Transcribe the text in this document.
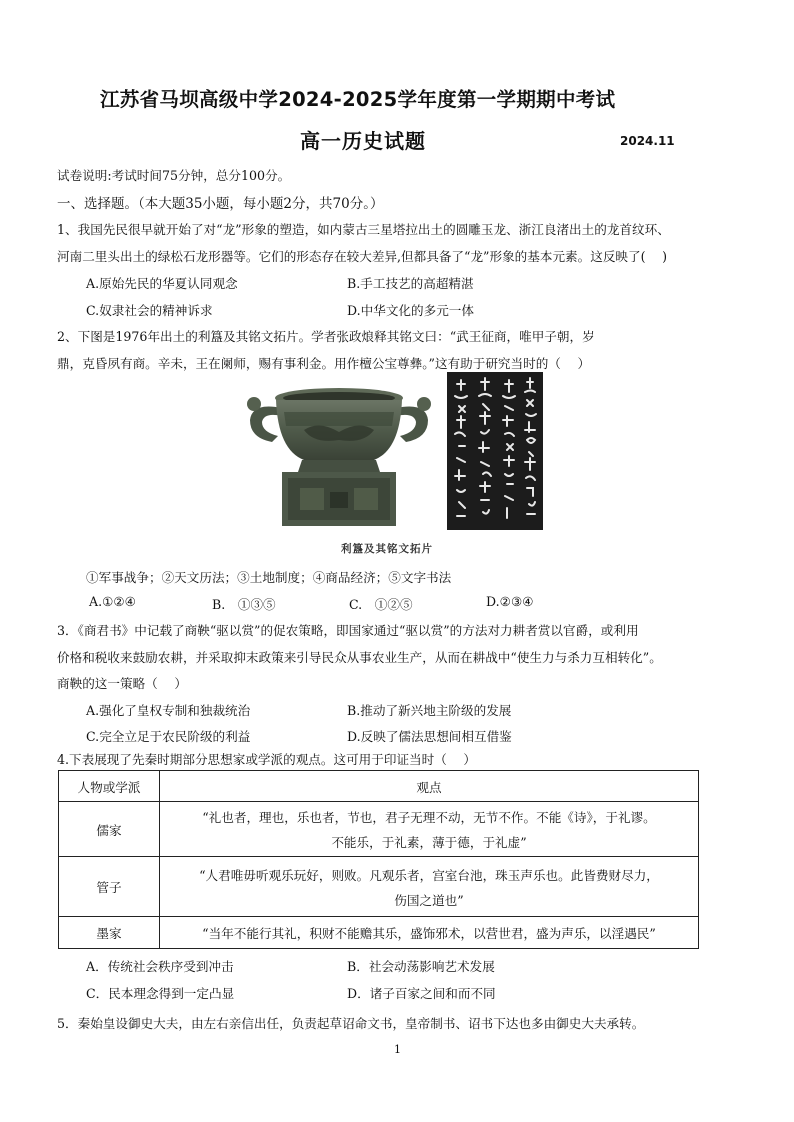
江苏省马坝高级中学2024-2025学年度第一学期期中考试
高一历史试题	2024.11
试卷说明:考试时间75分钟，总分100分。
一、选择题。（本大题35小题，每小题2分，共70分。）
1、我国先民很早就开始了对“龙”形象的塑造，如内蒙古三星塔拉出土的圆雕玉龙、浙江良渚出土的龙首纹环、
河南二里头出土的绿松石龙形器等。它们的形态存在较大差异,但都具备了“龙”形象的基本元素。这反映了(　 )
A.原始先民的华夏认同观念	B.手工技艺的高超精湛
C.奴隶社会的精神诉求	D.中华文化的多元一体
2、下图是1976年出土的利簋及其铭文拓片。学者张政烺释其铭文曰：“武王征商，唯甲子朝，岁
鼎，克昏夙有商。辛未，王在阑师，赐有事利金。用作檀公宝尊彝。”这有助于研究当时的（　 ）
利簋及其铭文拓片
①军事战争；②天文历法；③土地制度；④商品经济；⑤文字书法
A.①②④	B.　①③⑤	C.　①②⑤	D.②③④
3．《商君书》中记载了商鞅“驱以赏”的促农策略，即国家通过“驱以赏”的方法对力耕者赏以官爵，或利用
价格和税收来鼓励农耕，并采取抑末政策来引导民众从事农业生产，从而在耕战中“使生力与杀力互相转化”。
商鞅的这一策略（　 ）
A.强化了皇权专制和独裁统治	B.推动了新兴地主阶级的发展
C.完全立足于农民阶级的利益	D.反映了儒法思想间相互借鉴
4.下表展现了先秦时期部分思想家或学派的观点。这可用于印证当时（　 ）
人物或学派	观点
儒家	“礼也者，理也，乐也者，节也，君子无理不动，无节不作。不能《诗》，于礼谬。
不能乐，于礼素，薄于德，于礼虚”

管子	“人君唯毋听观乐玩好，则败。凡观乐者，宫室台池，珠玉声乐也。此皆费财尽力，
伤国之道也”

墨家	“当年不能行其礼，积财不能赡其乐，盛饰邪术，以营世君，盛为声乐，以淫遇民”
A．传统社会秩序受到冲击	B．社会动荡影响艺术发展
C．民本理念得到一定凸显	D．诸子百家之间和而不同
5．秦始皇设御史大夫，由左右亲信出任，负责起草诏命文书，皇帝制书、诏书下达也多由御史大夫承转。
1
